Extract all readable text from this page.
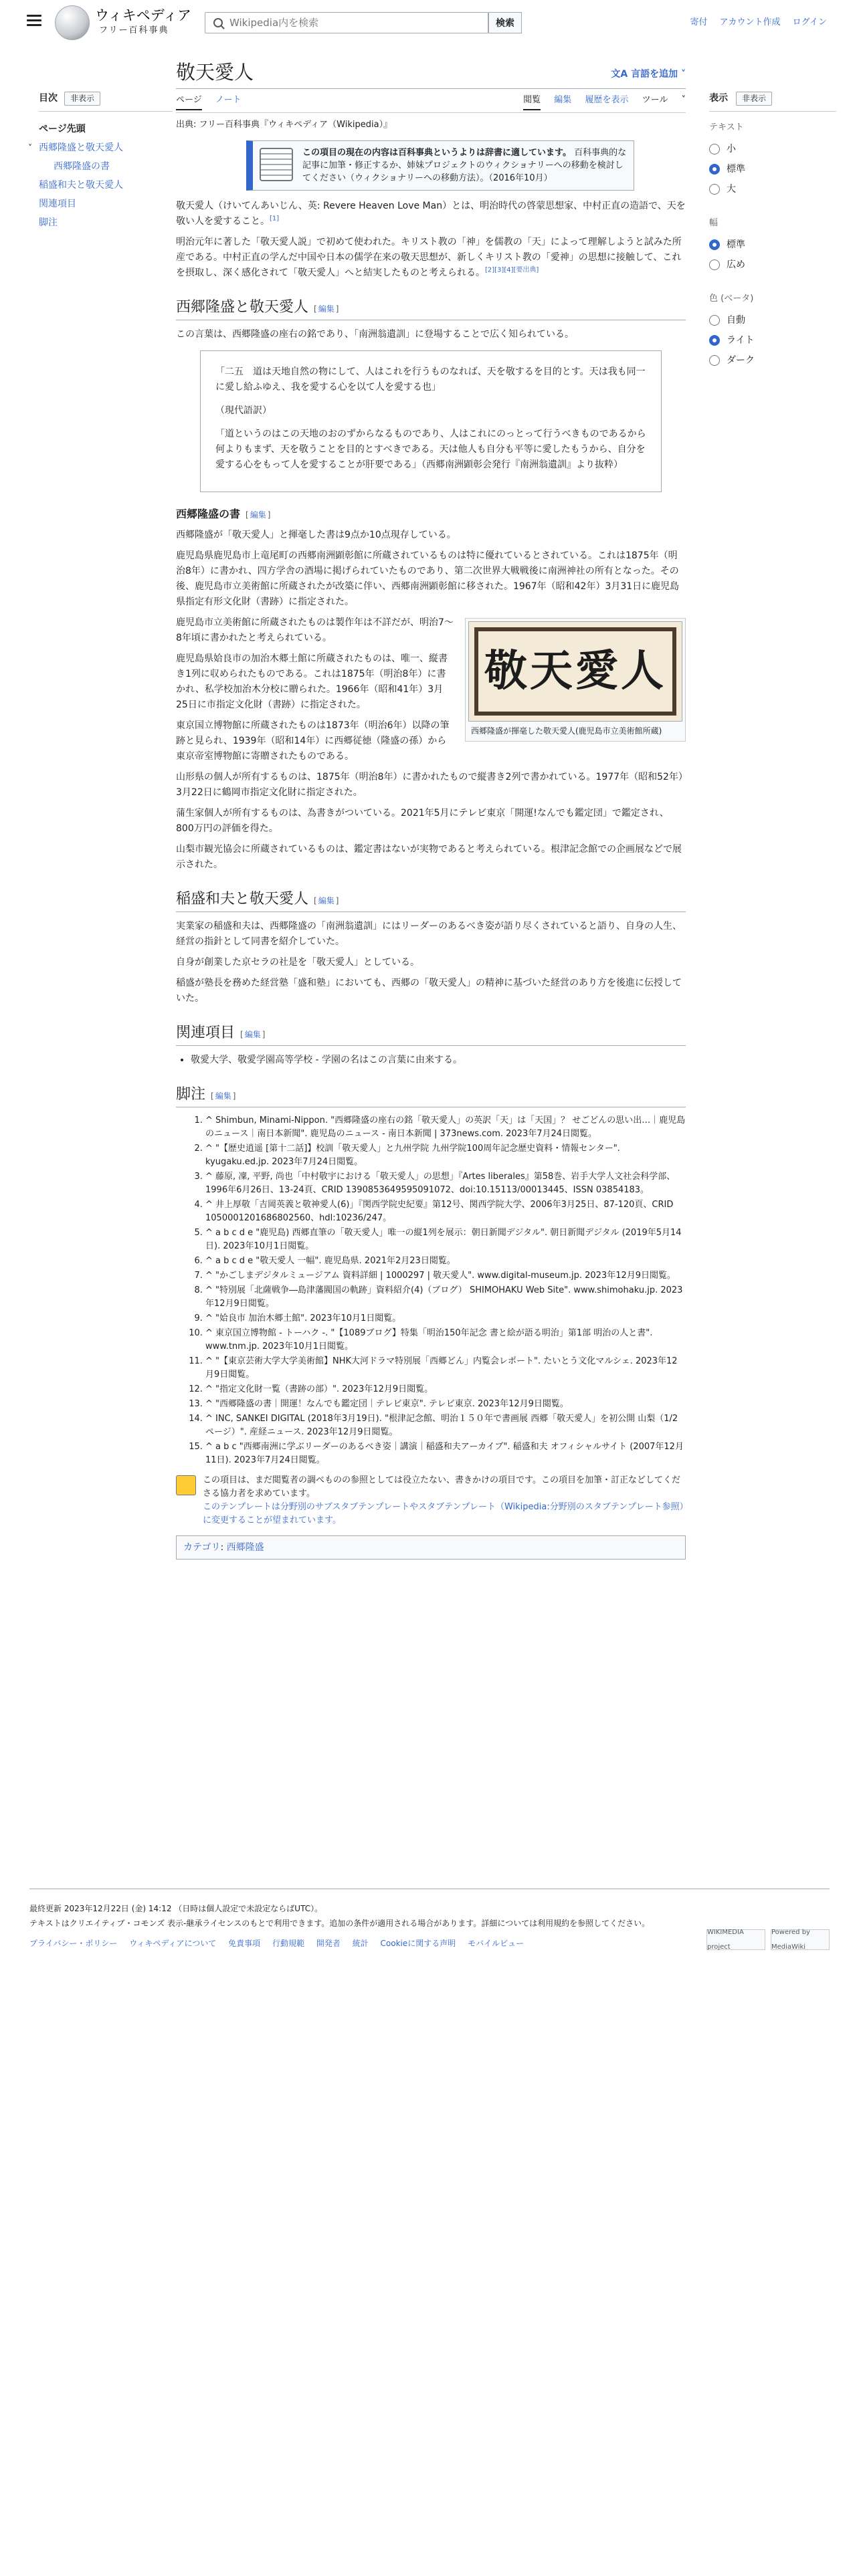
ウィキペディア
フリー百科事典
Wikipedia内を検索
検索	寄付 アカウント作成 ログイン
目次	非表示
ページ先頭
˅ 西郷隆盛と敬天愛人
西郷隆盛の書
稲盛和夫と敬天愛人
関連項目
脚注
表示	非表示
テキスト
小
標準
大
幅
標準
広め
色 (ベータ)
自動
ライト
ダーク
敬天愛人	文A 言語を追加 ˅
ページ ノート	閲覧 編集 履歴を表示 ツール ˅
出典: フリー百科事典『ウィキペディア（Wikipedia）』
この項目の現在の内容は百科事典というよりは辞書に適しています。 百科事典的な記事に加筆・修正するか、姉妹プロジェクトのウィクショナリーへの移動を検討してください（ウィクショナリーへの移動方法）。（2016年10月）

敬天愛人（けいてんあいじん、英: Revere Heaven Love Man）とは、明治時代の啓蒙思想家、中村正直の造語で、天を敬い人を愛すること。[1]

明治元年に著した「敬天愛人説」で初めて使われた。キリスト教の「神」を儒教の「天」によって理解しようと試みた所産である。中村正直の学んだ中国や日本の儒学在来の敬天思想が、新しくキリスト教の「愛神」の思想に接触して、これを摂取し、深く感化されて「敬天愛人」へと結実したものと考えられる。[2][3][4][要出典]

西郷隆盛と敬天愛人 [ 編集 ]

この言葉は、西郷隆盛の座右の銘であり、「南洲翁遺訓」に登場することで広く知られている。

「二五　道は天地自然の物にして、人はこれを行うものなれば、天を敬するを目的とす。天は我も同一に愛し給ふゆえ、我を愛する心を以て人を愛する也」

（現代語訳）

「道というのはこの天地のおのずからなるものであり、人はこれにのっとって行うべきものであるから何よりもまず、天を敬うことを目的とすべきである。天は他人も自分も平等に愛したもうから、自分を愛する心をもって人を愛することが肝要である」（西郷南洲顕彰会発行『南洲翁遺訓』より抜粋）

西郷隆盛の書 [ 編集 ]

西郷隆盛が「敬天愛人」と揮毫した書は9点か10点現存している。

鹿児島県鹿児島市上竜尾町の西郷南洲顕彰館に所蔵されているものは特に優れているとされている。これは1875年（明治8年）に書かれ、四方学舎の酒場に掲げられていたものであり、第二次世界大戦戦後に南洲神社の所有となった。その後、鹿児島市立美術館に所蔵されたが改築に伴い、西郷南洲顕彰館に移された。1967年（昭和42年）3月31日に鹿児島県指定有形文化財（書跡）に指定された。

敬天愛人
西郷隆盛が揮毫した敬天愛人(鹿児島市立美術館所蔵)

鹿児島市立美術館に所蔵されたものは製作年は不詳だが、明治7〜8年頃に書かれたと考えられている。

鹿児島県姶良市の加治木郷土館に所蔵されたものは、唯一、縦書き1列に収められたものである。これは1875年（明治8年）に書かれ、私学校加治木分校に贈られた。1966年（昭和41年）3月25日に市指定文化財（書跡）に指定された。

東京国立博物館に所蔵されたものは1873年（明治6年）以降の筆跡と見られ、1939年（昭和14年）に西郷従徳（隆盛の孫）から東京帝室博物館に寄贈されたものである。

山形県の個人が所有するものは、1875年（明治8年）に書かれたもので縦書き2列で書かれている。1977年（昭和52年）3月22日に鶴岡市指定文化財に指定された。

蒲生家個人が所有するものは、為書きがついている。2021年5月にテレビ東京「開運!なんでも鑑定団」で鑑定され、800万円の評価を得た。

山梨市観光協会に所蔵されているものは、鑑定書はないが実物であると考えられている。根津記念館での企画展などで展示された。

稲盛和夫と敬天愛人 [ 編集 ]

実業家の稲盛和夫は、西郷隆盛の「南洲翁遺訓」にはリーダーのあるべき姿が語り尽くされていると語り、自身の人生、経営の指針として同書を紹介していた。

自身が創業した京セラの社是を「敬天愛人」としている。

稲盛が塾長を務めた経営塾「盛和塾」においても、西郷の「敬天愛人」の精神に基づいた経営のあり方を後進に伝授していた。

関連項目 [ 編集 ]
• 敬愛大学、敬愛学園高等学校 - 学園の名はこの言葉に由来する。
脚注 [ 編集 ]
1. ^ Shimbun, Minami-Nippon. "西郷隆盛の座右の銘「敬天愛人」の英訳「天」は「天国」？ せごどんの思い出…｜鹿児島のニュース｜南日本新聞". 鹿児島のニュース - 南日本新聞 | 373news.com. 2023年7月24日閲覧。
2. ^ "【歴史逍遥 [第十二話]】校訓「敬天愛人」と九州学院 九州学院100周年記念歴史資料・情報センター". kyugaku.ed.jp. 2023年7月24日閲覧。
3. ^ 藤原, 凜, 平野, 尚也「中村敬宇における「敬天愛人」の思想」『Artes liberales』第58巻、岩手大学人文社会科学部、1996年6月26日、13-24頁、CRID 1390853649595091072、doi:10.15113/00013445、ISSN 03854183。
4. ^ 井上厚敬「吉岡英義と敬神愛人(6)」『関西学院史紀要』第12号、関西学院大学、2006年3月25日、87-120頁、CRID 1050001201686802560、hdl:10236/247。
5. ^ a b c d e "鹿児島) 西郷直筆の「敬天愛人」唯一の縦1列を展示：朝日新聞デジタル". 朝日新聞デジタル (2019年5月14日). 2023年10月1日閲覧。
6. ^ a b c d e "敬天愛人 一幅". 鹿児島県. 2021年2月23日閲覧。
7. ^ "かごしまデジタルミュージアム 資料詳細 | 1000297 | 敬天愛人". www.digital-museum.jp. 2023年12月9日閲覧。
8. ^ "特別展「北薩戦争―島津藩閥国の軌跡」資料紹介(4)（ブログ） SHIMOHAKU Web Site". www.shimohaku.jp. 2023年12月9日閲覧。
9. ^ "姶良市 加治木郷土館". 2023年10月1日閲覧。
10. ^ 東京国立博物館 - トーハク -. "【1089ブログ】特集「明治150年記念 書と絵が語る明治」第1部 明治の人と書". www.tnm.jp. 2023年10月1日閲覧。
11. ^ "【東京芸術大学大学美術館】NHK大河ドラマ特別展「西郷どん」内覧会レポート". たいとう文化マルシェ. 2023年12月9日閲覧。
12. ^ "指定文化財一覧（書跡の部）". 2023年12月9日閲覧。
13. ^ "西郷隆盛の書｜開運！なんでも鑑定団｜テレビ東京". テレビ東京. 2023年12月9日閲覧。
14. ^ INC, SANKEI DIGITAL (2018年3月19日). "根津記念館、明治１５０年で書画展 西郷「敬天愛人」を初公開 山梨（1/2ページ）". 産経ニュース. 2023年12月9日閲覧。
15. ^ a b c "西郷南洲に学ぶリーダーのあるべき姿｜講演｜稲盛和夫アーカイブ". 稲盛和夫 オフィシャルサイト (2007年12月11日). 2023年7月24日閲覧。
この項目は、まだ閲覧者の調べものの参照としては役立たない、書きかけの項目です。この項目を加筆・訂正などしてくださる協力者を求めています。
このテンプレートは分野別のサブスタブテンプレートやスタブテンプレート（Wikipedia:分野別のスタブテンプレート参照）に変更することが望まれています。
カテゴリ: 西郷隆盛
最終更新 2023年12月22日 (金) 14:12 （日時は個人設定で未設定ならばUTC）。
テキストはクリエイティブ・コモンズ 表示-継承ライセンスのもとで利用できます。追加の条件が適用される場合があります。詳細については利用規約を参照してください。
プライバシー・ポリシー ウィキペディアについて 免責事項 行動規範 開発者 統計 Cookieに関する声明 モバイルビュー
WIKIMEDIA project
Powered by MediaWiki
